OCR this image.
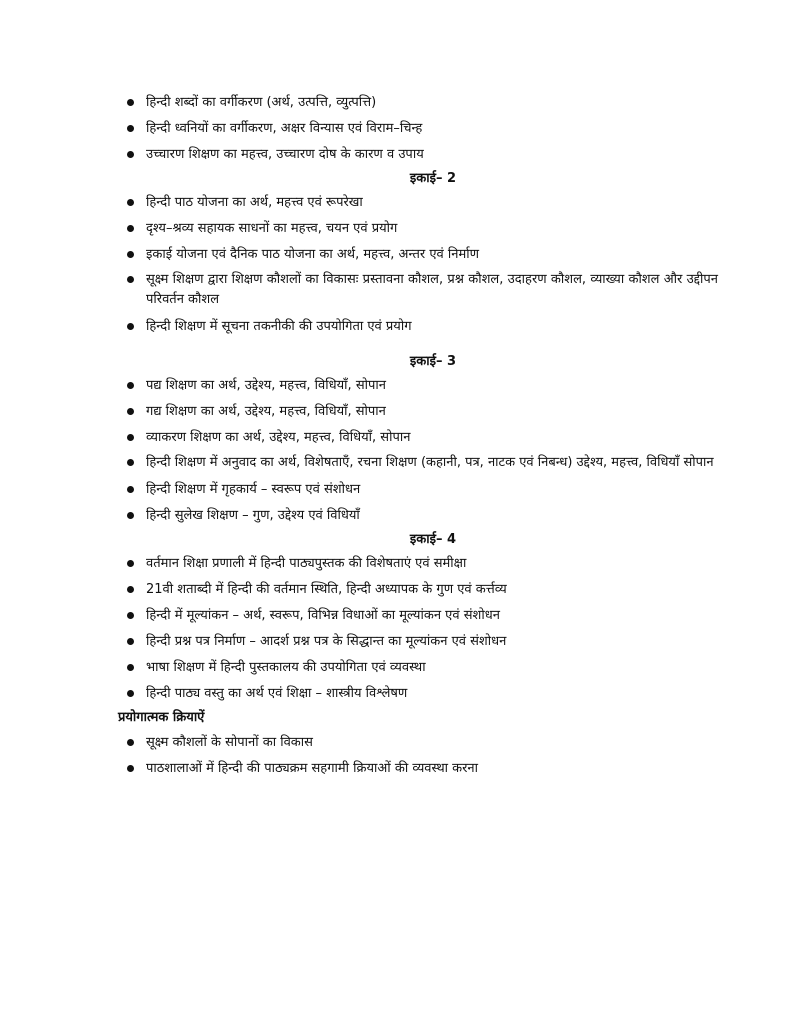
हिन्दी शब्दों का वर्गीकरण (अर्थ, उत्पत्ति, व्युत्पत्ति)
हिन्दी ध्वनियों का वर्गीकरण, अक्षर विन्यास एवं विराम–चिन्ह
उच्चारण शिक्षण का महत्त्व, उच्चारण दोष के कारण व उपाय
इकाई– 2
हिन्दी पाठ योजना का अर्थ, महत्त्व एवं रूपरेखा
दृश्य–श्रव्य सहायक साधनों का महत्त्व, चयन एवं प्रयोग
इकाई योजना एवं दैनिक पाठ योजना का अर्थ, महत्त्व, अन्तर एवं निर्माण
सूक्ष्म शिक्षण द्वारा शिक्षण कौशलों का विकासः प्रस्तावना कौशल, प्रश्न कौशल, उदाहरण कौशल, व्याख्या कौशल और उद्दीपन परिवर्तन कौशल
हिन्दी शिक्षण में सूचना तकनीकी की उपयोगिता एवं प्रयोग
इकाई– 3
पद्य शिक्षण का अर्थ, उद्देश्य, महत्त्व, विधियाँ, सोपान
गद्य शिक्षण का अर्थ, उद्देश्य, महत्त्व, विधियाँ, सोपान
व्याकरण शिक्षण का अर्थ, उद्देश्य, महत्त्व, विधियाँ, सोपान
हिन्दी शिक्षण में अनुवाद का अर्थ, विशेषताएँ, रचना शिक्षण (कहानी, पत्र, नाटक एवं निबन्ध) उद्देश्य, महत्त्व, विधियाँ सोपान
हिन्दी शिक्षण में गृहकार्य – स्वरूप एवं संशोधन
हिन्दी सुलेख शिक्षण – गुण, उद्देश्य एवं विधियाँ
इकाई– 4
वर्तमान शिक्षा प्रणाली में हिन्दी पाठ्यपुस्तक की विशेषताएं एवं समीक्षा
21वी शताब्दी में हिन्दी की वर्तमान स्थिति, हिन्दी अध्यापक के गुण एवं कर्त्तव्य
हिन्दी में मूल्यांकन – अर्थ, स्वरूप, विभिन्न विधाओं का मूल्यांकन एवं संशोधन
हिन्दी प्रश्न पत्र निर्माण – आदर्श प्रश्न पत्र के सिद्धान्त का मूल्यांकन एवं संशोधन
भाषा शिक्षण में हिन्दी पुस्तकालय की उपयोगिता एवं व्यवस्था
हिन्दी पाठ्य वस्तु का अर्थ एवं शिक्षा – शास्त्रीय विश्लेषण
प्रयोगात्मक क्रियाऐं
सूक्ष्म कौशलों के सोपानों का विकास
पाठशालाओं में हिन्दी की पाठ्यक्रम सहगामी क्रियाओं की व्यवस्था करना
